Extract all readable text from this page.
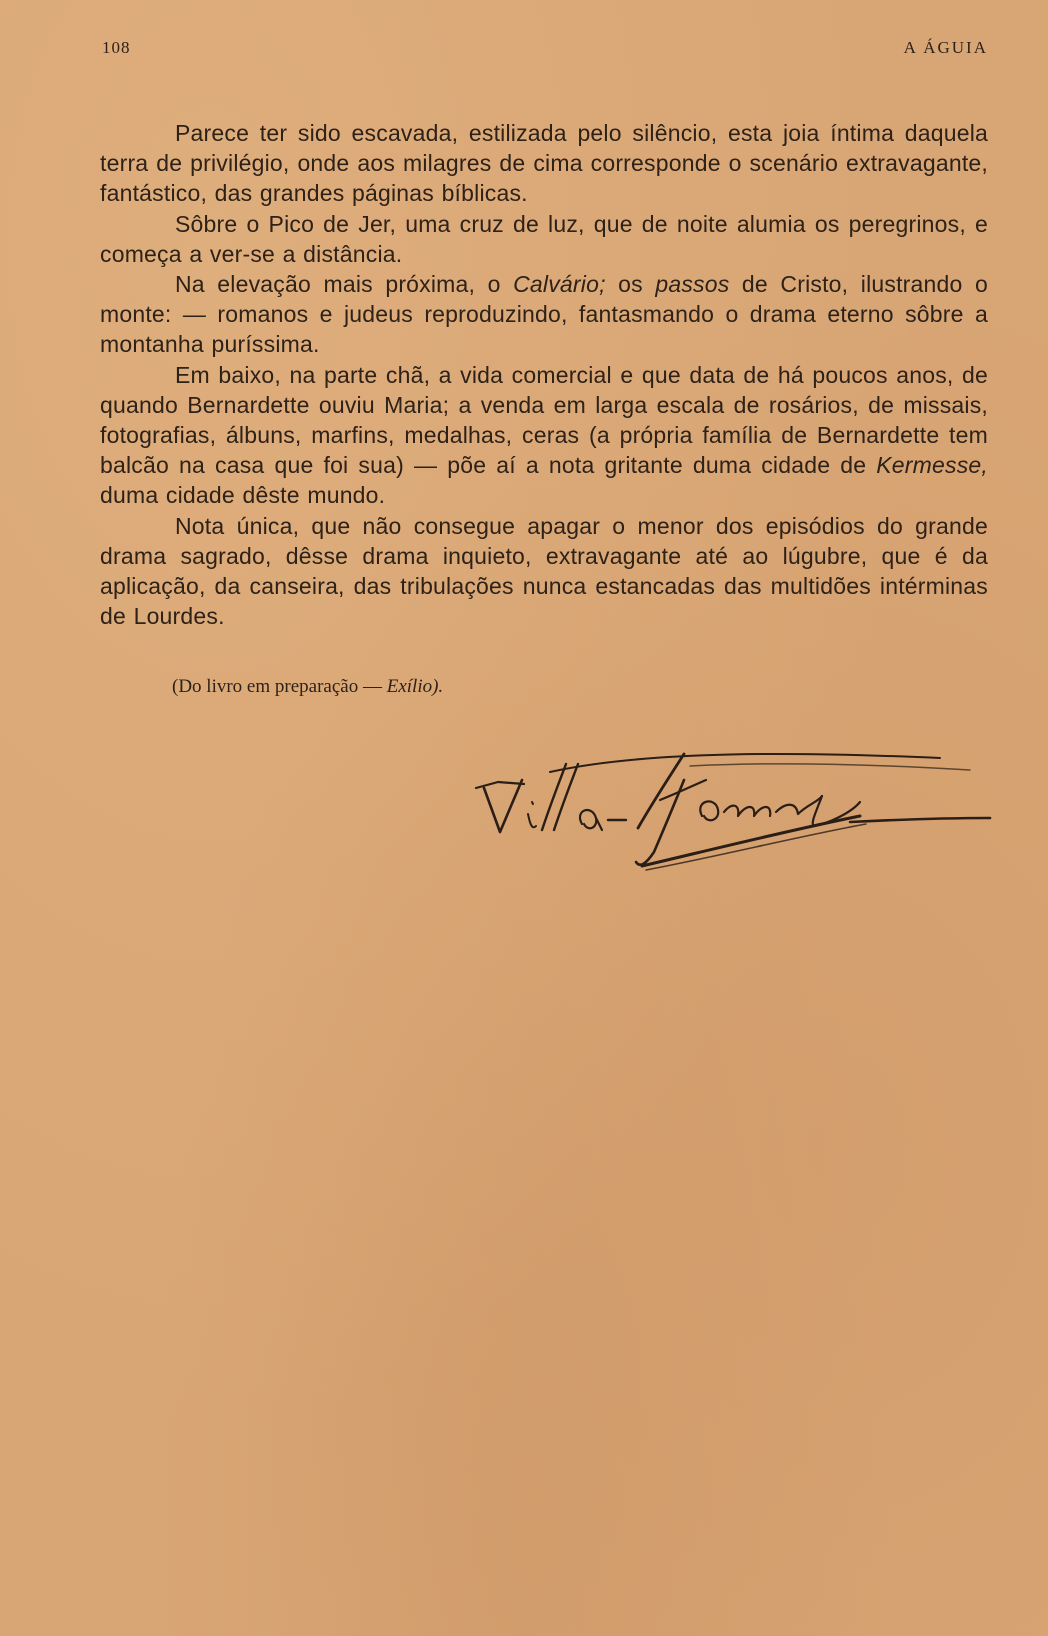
108	A ÁGUIA

Parece ter sido escavada, estilizada pelo silêncio, esta joia íntima daquela terra de privilégio, onde aos milagres de cima corresponde o scenário extravagante, fantástico, das grandes páginas bíblicas.

Sôbre o Pico de Jer, uma cruz de luz, que de noite alumia os peregrinos, e começa a ver-se a distância.

Na elevação mais próxima, o Calvário; os passos de Cristo, ilustrando o monte: — romanos e judeus reproduzindo, fantasmando o drama eterno sôbre a montanha puríssima.

Em baixo, na parte chã, a vida comercial e que data de há poucos anos, de quando Bernardette ouviu Maria; a venda em larga escala de rosários, de missais, fotografias, álbuns, marfins, medalhas, ceras (a própria família de Bernardette tem balcão na casa que foi sua) — põe aí a nota gritante duma cidade de Kermesse, duma cidade dêste mundo.

Nota única, que não consegue apagar o menor dos episódios do grande drama sagrado, dêsse drama inquieto, extravagante até ao lúgubre, que é da aplicação, da canseira, das tribulações nunca estancadas das multidões intérminas de Lourdes.

(Do livro em preparação — Exílio).
